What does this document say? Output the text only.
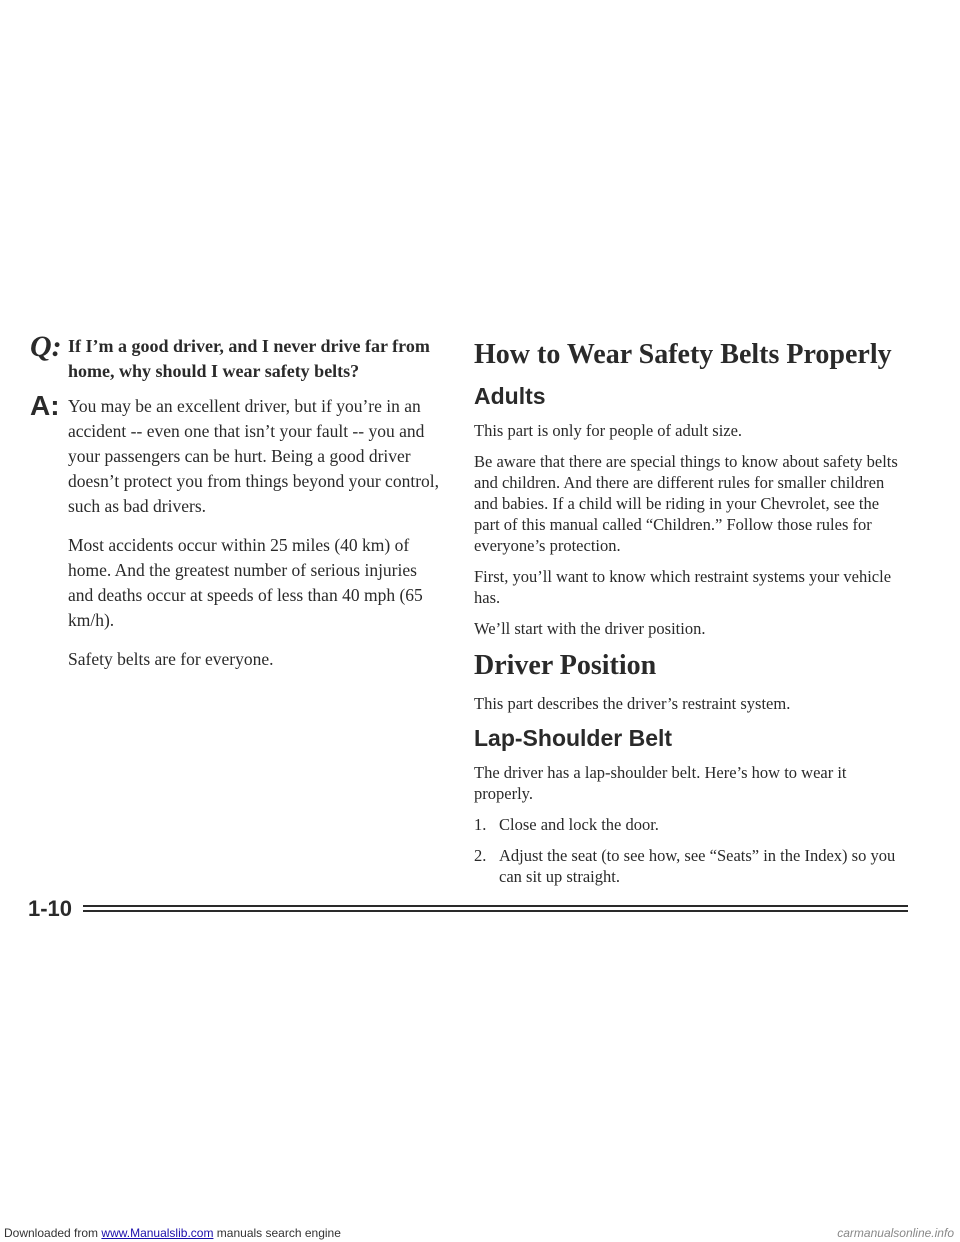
Q: If I’m a good driver, and I never drive far from home, why should I wear safety belts?

A: You may be an excellent driver, but if you’re in an accident -- even one that isn’t your fault -- you and your passengers can be hurt. Being a good driver doesn’t protect you from things beyond your control, such as bad drivers.

Most accidents occur within 25 miles (40 km) of home. And the greatest number of serious injuries and deaths occur at speeds of less than 40 mph (65 km/h).

Safety belts are for everyone.

How to Wear Safety Belts Properly
Adults

This part is only for people of adult size.

Be aware that there are special things to know about safety belts and children. And there are different rules for smaller children and babies. If a child will be riding in your Chevrolet, see the part of this manual called “Children.” Follow those rules for everyone’s protection.

First, you’ll want to know which restraint systems your vehicle has.

We’ll start with the driver position.

Driver Position

This part describes the driver’s restraint system.

Lap-Shoulder Belt

The driver has a lap-shoulder belt. Here’s how to wear it properly.

1. Close and lock the door.
2. Adjust the seat (to see how, see “Seats” in the Index) so you can sit up straight.
1-10
Downloaded from www.Manualslib.com manuals search engine	carmanualsonline.info
